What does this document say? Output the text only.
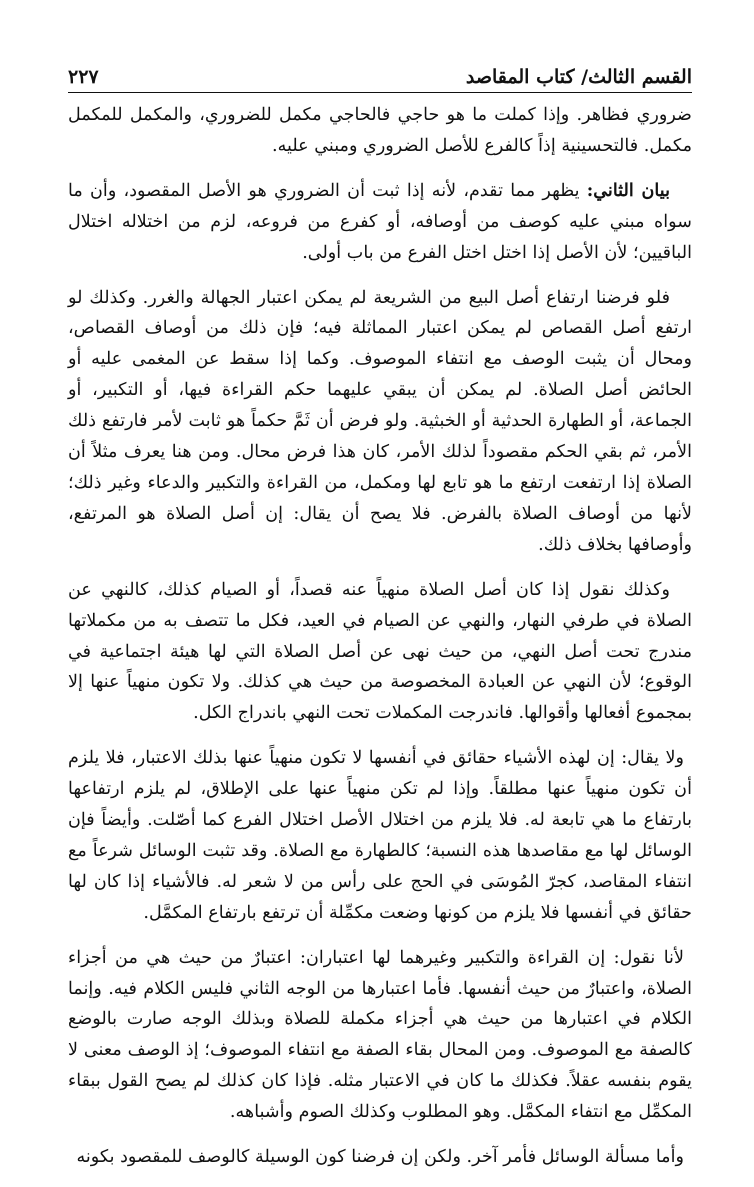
القسم الثالث/ كتاب المقاصد
٢٢٧

ضروري فظاهر. وإذا كملت ما هو حاجي فالحاجي مكمل للضروري، والمكمل للمكمل مكمل. فالتحسينية إذاً كالفرع للأصل الضروري ومبني عليه.

بيان الثاني: يظهر مما تقدم، لأنه إذا ثبت أن الضروري هو الأصل المقصود، وأن ما سواه مبني عليه كوصف من أوصافه، أو كفرع من فروعه، لزم من اختلاله اختلال الباقيين؛ لأن الأصل إذا اختل اختل الفرع من باب أولى.

فلو فرضنا ارتفاع أصل البيع من الشريعة لم يمكن اعتبار الجهالة والغرر. وكذلك لو ارتفع أصل القصاص لم يمكن اعتبار المماثلة فيه؛ فإن ذلك من أوصاف القصاص، ومحال أن يثبت الوصف مع انتفاء الموصوف. وكما إذا سقط عن المغمى عليه أو الحائض أصل الصلاة. لم يمكن أن يبقي عليهما حكم القراءة فيها، أو التكبير، أو الجماعة، أو الطهارة الحدثية أو الخبثية. ولو فرض أن ثَمَّ حكماً هو ثابت لأمر فارتفع ذلك الأمر، ثم بقي الحكم مقصوداً لذلك الأمر، كان هذا فرض محال. ومن هنا يعرف مثلاً أن الصلاة إذا ارتفعت ارتفع ما هو تابع لها ومكمل، من القراءة والتكبير والدعاء وغير ذلك؛ لأنها من أوصاف الصلاة بالفرض. فلا يصح أن يقال: إن أصل الصلاة هو المرتفع، وأوصافها بخلاف ذلك.

وكذلك نقول إذا كان أصل الصلاة منهياً عنه قصداً، أو الصيام كذلك، كالنهي عن الصلاة في طرفي النهار، والنهي عن الصيام في العيد، فكل ما تتصف به من مكملاتها مندرج تحت أصل النهي، من حيث نهى عن أصل الصلاة التي لها هيئة اجتماعية في الوقوع؛ لأن النهي عن العبادة المخصوصة من حيث هي كذلك. ولا تكون منهياً عنها إلا بمجموع أفعالها وأقوالها. فاندرجت المكملات تحت النهي باندراج الكل.

ولا يقال: إن لهذه الأشياء حقائق في أنفسها لا تكون منهياً عنها بذلك الاعتبار، فلا يلزم أن تكون منهياً عنها مطلقاً. وإذا لم تكن منهياً عنها على الإطلاق، لم يلزم ارتفاعها بارتفاع ما هي تابعة له. فلا يلزم من اختلال الأصل اختلال الفرع كما أصّلت. وأيضاً فإن الوسائل لها مع مقاصدها هذه النسبة؛ كالطهارة مع الصلاة. وقد تثبت الوسائل شرعاً مع انتفاء المقاصد، كجرّ المُوسَى في الحج على رأس من لا شعر له. فالأشياء إذا كان لها حقائق في أنفسها فلا يلزم من كونها وضعت مكمِّلة أن ترتفع بارتفاع المكمَّل.

لأنا نقول: إن القراءة والتكبير وغيرهما لها اعتباران: اعتبارٌ من حيث هي من أجزاء الصلاة، واعتبارٌ من حيث أنفسها. فأما اعتبارها من الوجه الثاني فليس الكلام فيه. وإنما الكلام في اعتبارها من حيث هي أجزاء مكملة للصلاة وبذلك الوجه صارت بالوضع كالصفة مع الموصوف. ومن المحال بقاء الصفة مع انتفاء الموصوف؛ إذ الوصف معنى لا يقوم بنفسه عقلاً. فكذلك ما كان في الاعتبار مثله. فإذا كان كذلك لم يصح القول ببقاء المكمِّل مع انتفاء المكمَّل. وهو المطلوب وكذلك الصوم وأشباهه.

وأما مسألة الوسائل فأمر آخر. ولكن إن فرضنا كون الوسيلة كالوصف للمقصود بكونه
